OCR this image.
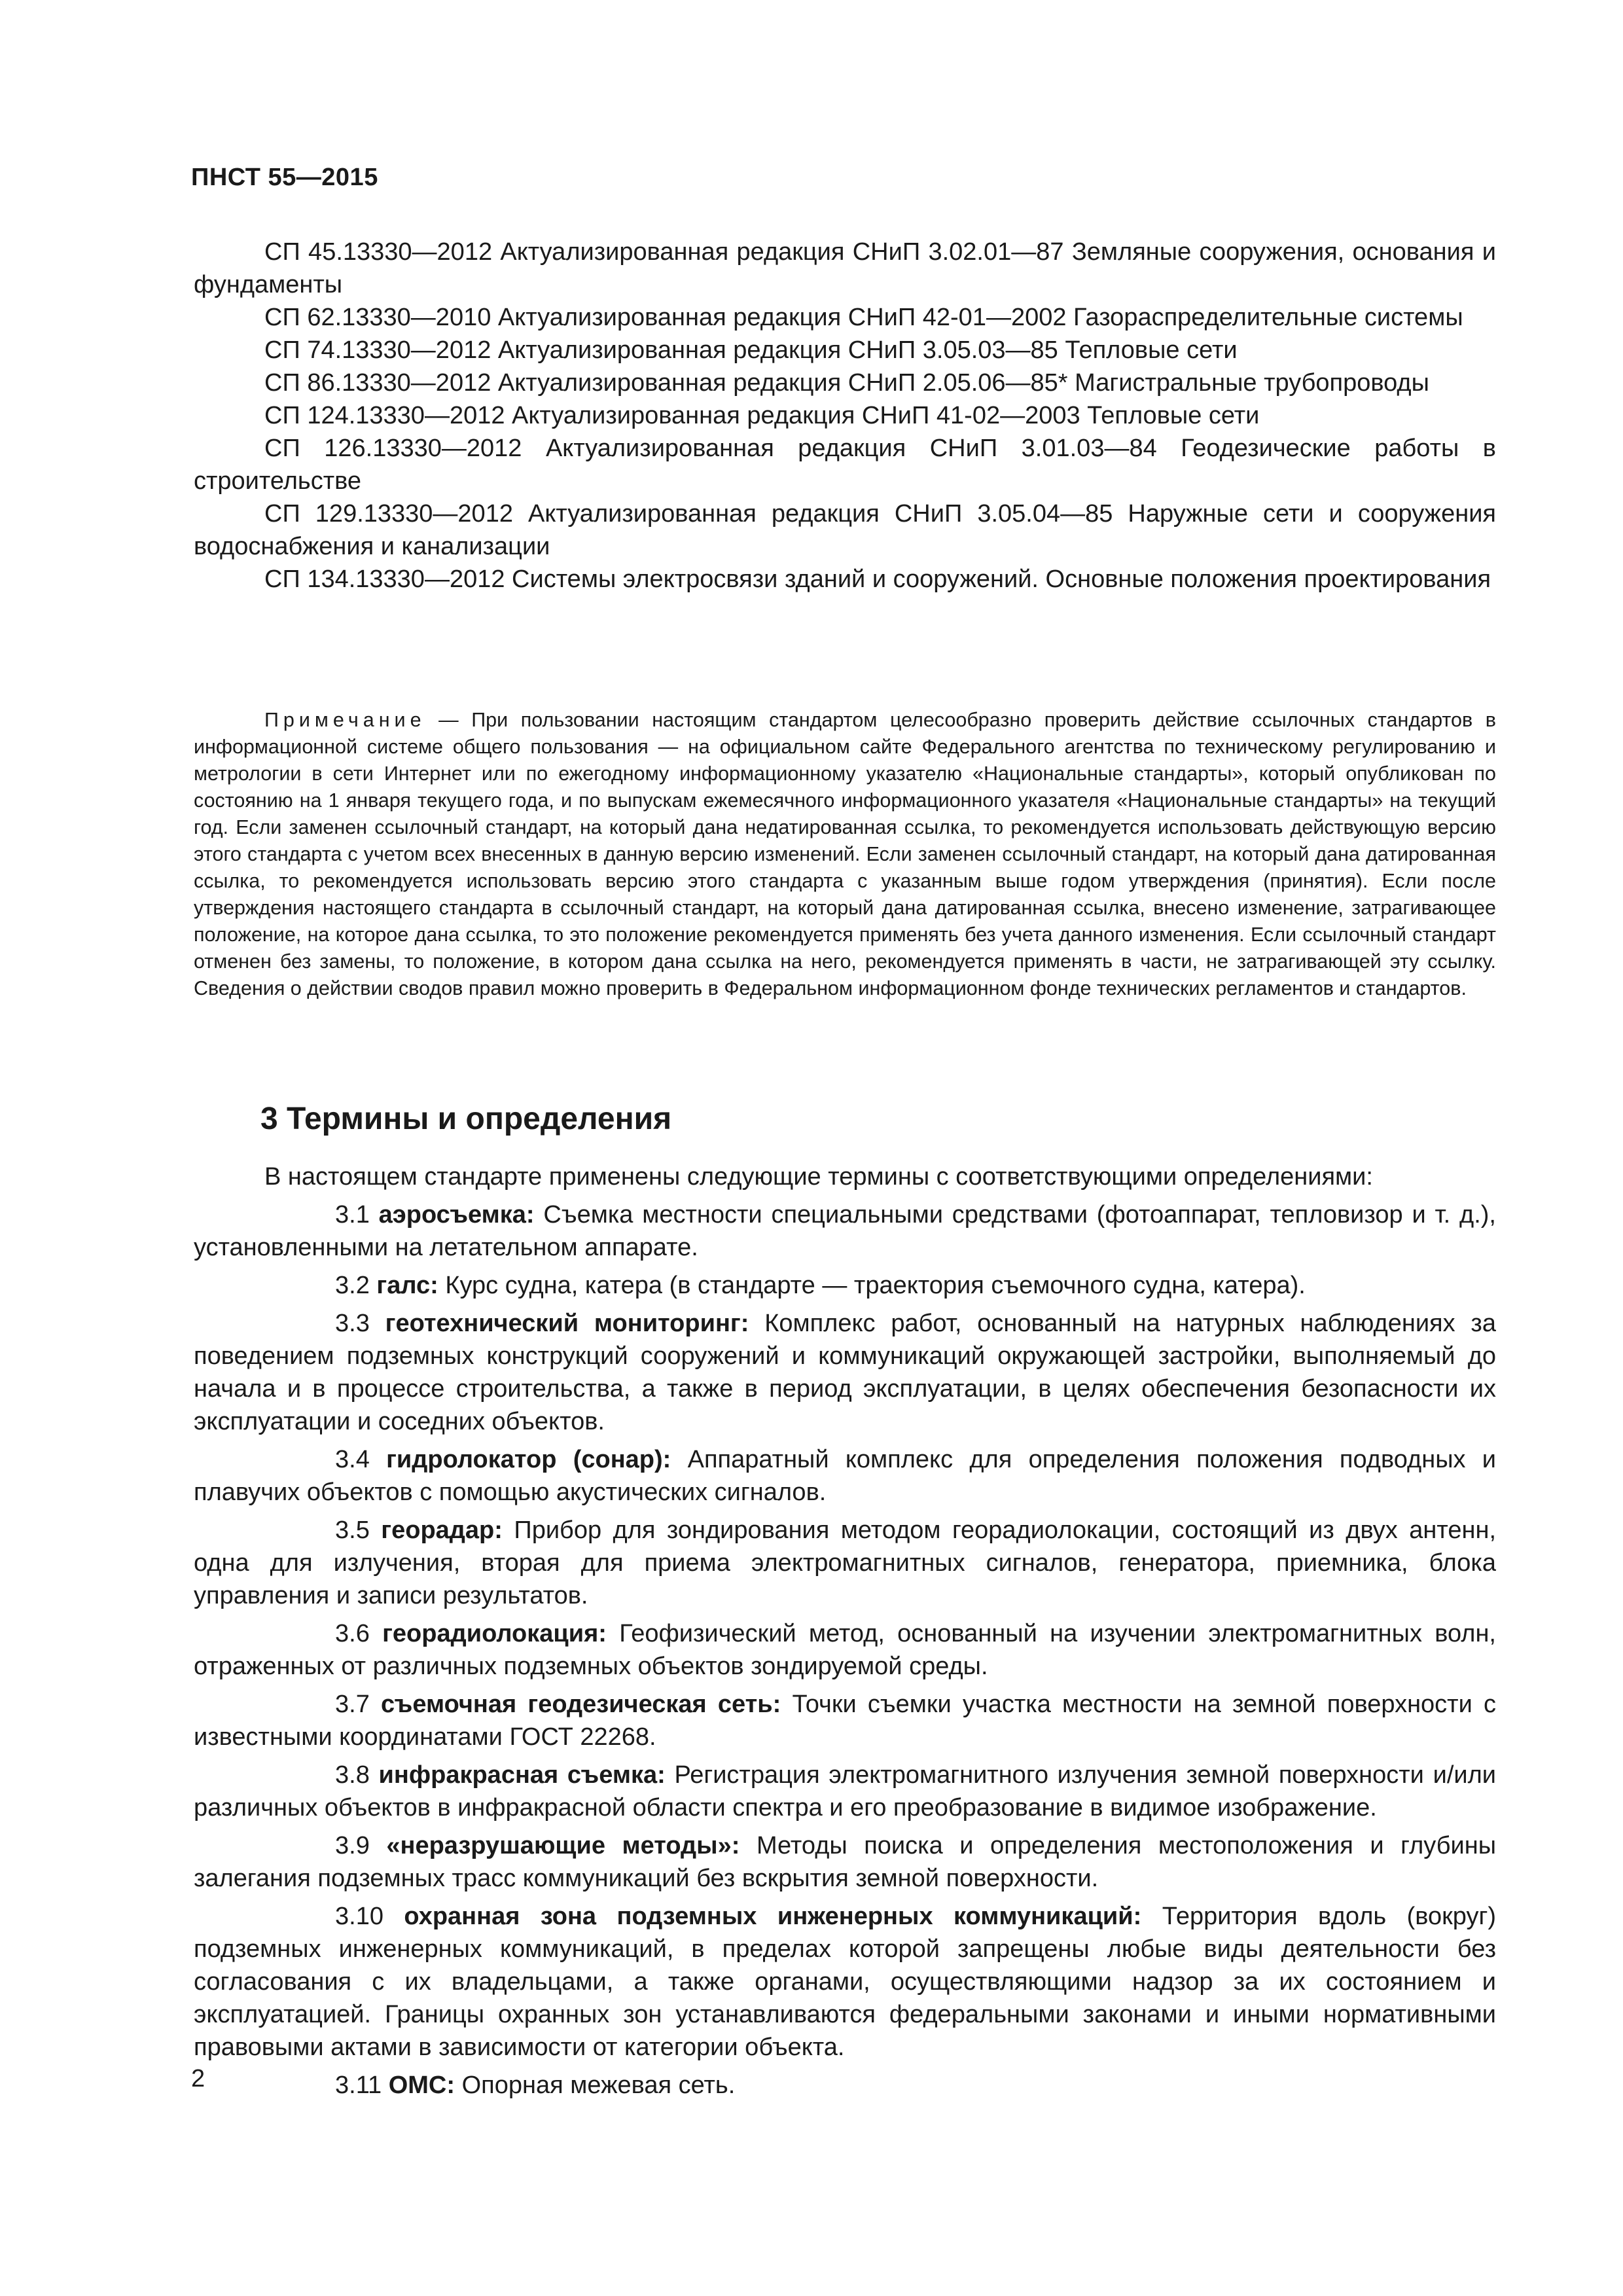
ПНСТ 55—2015

СП 45.13330—2012 Актуализированная редакция СНиП 3.02.01—87 Земляные сооружения, основания и фундаменты

СП 62.13330—2010 Актуализированная редакция СНиП 42-01—2002 Газораспределительные системы

СП 74.13330—2012 Актуализированная редакция СНиП 3.05.03—85 Тепловые сети

СП 86.13330—2012 Актуализированная редакция СНиП 2.05.06—85* Магистральные трубопроводы

СП 124.13330—2012 Актуализированная редакция СНиП 41-02—2003 Тепловые сети

СП 126.13330—2012 Актуализированная редакция СНиП 3.01.03—84 Геодезические работы в строительстве

СП 129.13330—2012 Актуализированная редакция СНиП 3.05.04—85 Наружные сети и сооружения водоснабжения и канализации

СП 134.13330—2012 Системы электросвязи зданий и сооружений. Основные положения проектирования

Примечание — При пользовании настоящим стандартом целесообразно проверить действие ссылочных стандартов в информационной системе общего пользования — на официальном сайте Федерального агентства по техническому регулированию и метрологии в сети Интернет или по ежегодному информационному указателю «Национальные стандарты», который опубликован по состоянию на 1 января текущего года, и по выпускам ежемесячного информационного указателя «Национальные стандарты» на текущий год. Если заменен ссылочный стандарт, на который дана недатированная ссылка, то рекомендуется использовать действующую версию этого стандарта с учетом всех внесенных в данную версию изменений. Если заменен ссылочный стандарт, на который дана датированная ссылка, то рекомендуется использовать версию этого стандарта с указанным выше годом утверждения (принятия). Если после утверждения настоящего стандарта в ссылочный стандарт, на который дана датированная ссылка, внесено изменение, затрагивающее положение, на которое дана ссылка, то это положение рекомендуется применять без учета данного изменения. Если ссылочный стандарт отменен без замены, то положение, в котором дана ссылка на него, рекомендуется применять в части, не затрагивающей эту ссылку. Сведения о действии сводов правил можно проверить в Федеральном информационном фонде технических регламентов и стандартов.

3 Термины и определения

В настоящем стандарте применены следующие термины с соответствующими определениями:

3.1 аэросъемка: Съемка местности специальными средствами (фотоаппарат, тепловизор и т. д.), установленными на летательном аппарате.

3.2 галс: Курс судна, катера (в стандарте — траектория съемочного судна, катера).

3.3 геотехнический мониторинг: Комплекс работ, основанный на натурных наблюдениях за поведением подземных конструкций сооружений и коммуникаций окружающей застройки, выполняемый до начала и в процессе строительства, а также в период эксплуатации, в целях обеспечения безопасности их эксплуатации и соседних объектов.

3.4 гидролокатор (сонар): Аппаратный комплекс для определения положения подводных и плавучих объектов с помощью акустических сигналов.

3.5 георадар: Прибор для зондирования методом георадиолокации, состоящий из двух антенн, одна для излучения, вторая для приема электромагнитных сигналов, генератора, приемника, блока управления и записи результатов.

3.6 георадиолокация: Геофизический метод, основанный на изучении электромагнитных волн, отраженных от различных подземных объектов зондируемой среды.

3.7 съемочная геодезическая сеть: Точки съемки участка местности на земной поверхности с известными координатами ГОСТ 22268.

3.8 инфракрасная съемка: Регистрация электромагнитного излучения земной поверхности и/или различных объектов в инфракрасной области спектра и его преобразование в видимое изображение.

3.9 «неразрушающие методы»: Методы поиска и определения местоположения и глубины залегания подземных трасс коммуникаций без вскрытия земной поверхности.

3.10 охранная зона подземных инженерных коммуникаций: Территория вдоль (вокруг) подземных инженерных коммуникаций, в пределах которой запрещены любые виды деятельности без согласования с их владельцами, а также органами, осуществляющими надзор за их состоянием и эксплуатацией. Границы охранных зон устанавливаются федеральными законами и иными нормативными правовыми актами в зависимости от категории объекта.

3.11 ОМС: Опорная межевая сеть.

2
